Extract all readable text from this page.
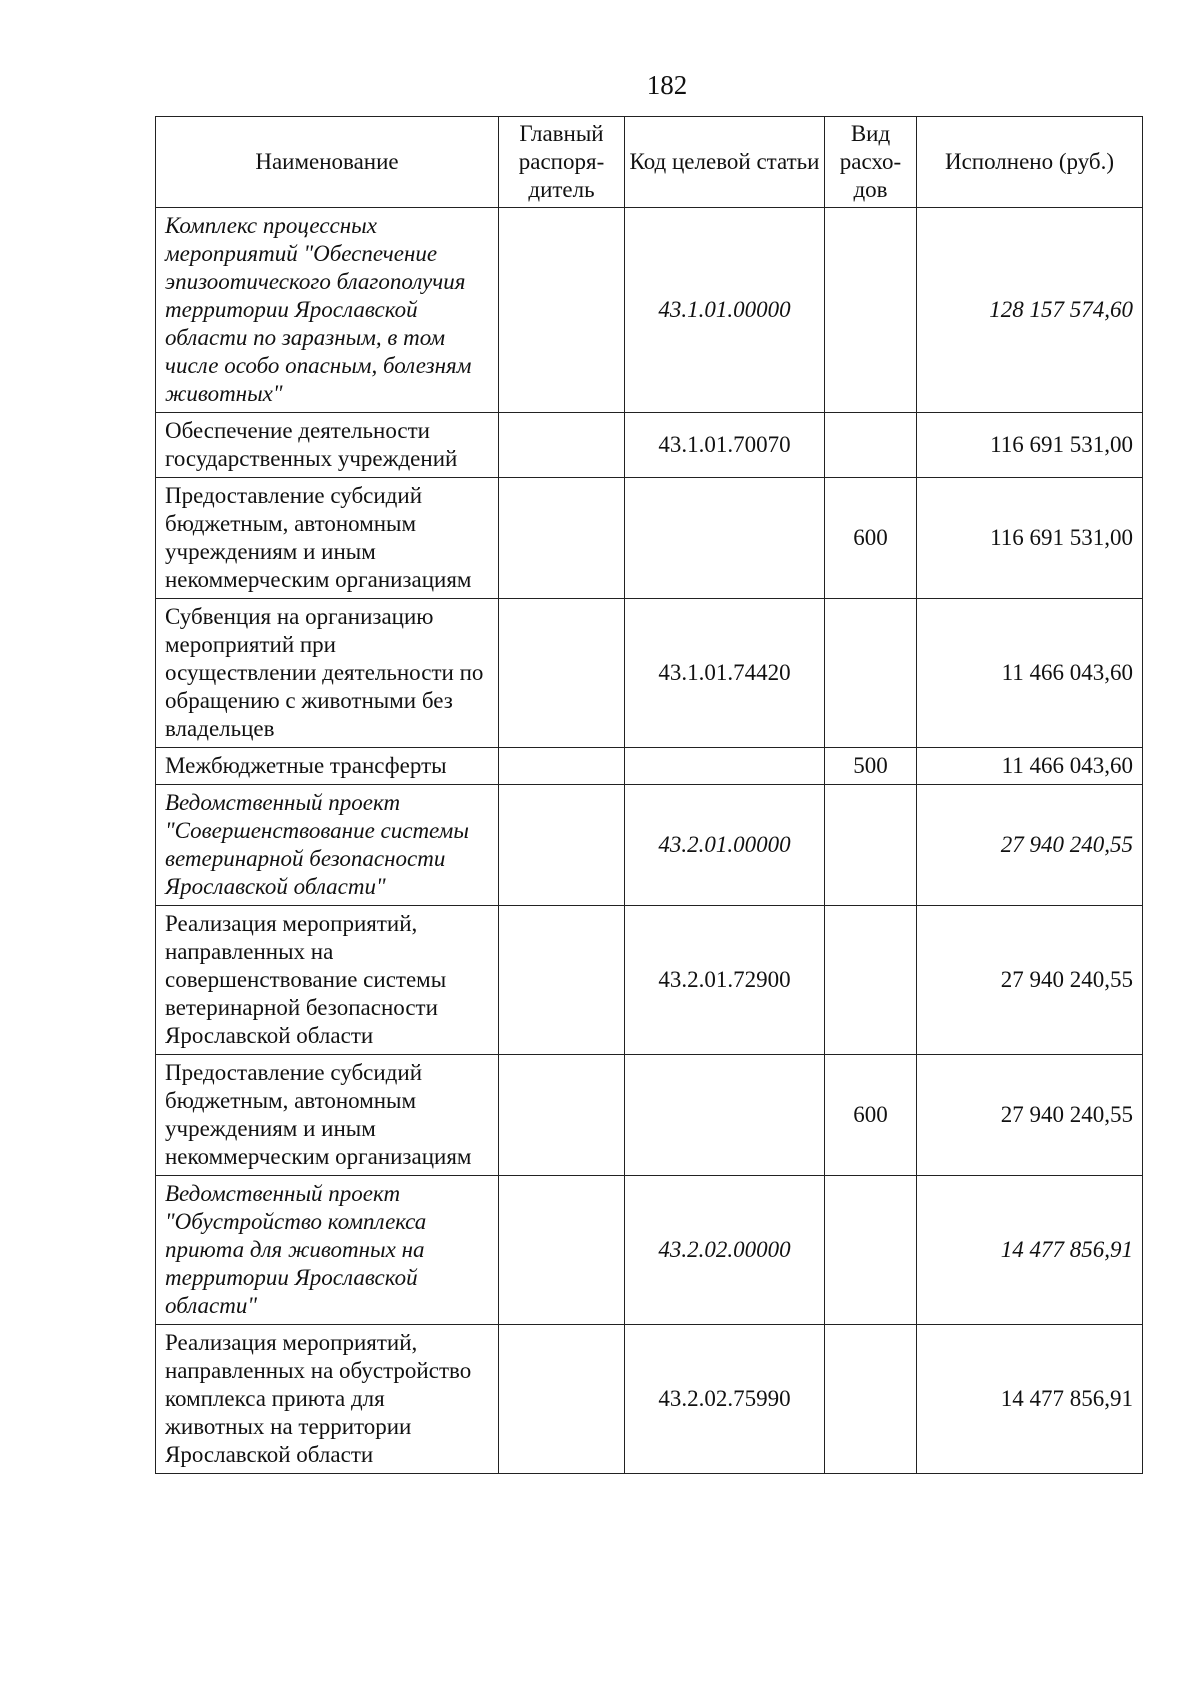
182
Наименование	Главный распоря- дитель	Код целевой статьи	Вид расхо- дов	Исполнено (руб.)
Комплекс процессных мероприятий "Обеспечение эпизоотического благополучия территории Ярославской области по заразным, в том числе особо опасным, болезням животных"		43.1.01.00000		128 157 574,60
Обеспечение деятельности государственных учреждений		43.1.01.70070		116 691 531,00
Предоставление субсидий бюджетным, автономным учреждениям и иным некоммерческим организациям			600	116 691 531,00
Субвенция на организацию мероприятий при осуществлении деятельности по обращению с животными без владельцев		43.1.01.74420		11 466 043,60
Межбюджетные трансферты			500	11 466 043,60
Ведомственный проект "Совершенствование системы ветеринарной безопасности Ярославской области"		43.2.01.00000		27 940 240,55
Реализация мероприятий, направленных на совершенствование системы ветеринарной безопасности Ярославской области		43.2.01.72900		27 940 240,55
Предоставление субсидий бюджетным, автономным учреждениям и иным некоммерческим организациям			600	27 940 240,55
Ведомственный проект "Обустройство комплекса приюта для животных на территории Ярославской области"		43.2.02.00000		14 477 856,91
Реализация мероприятий, направленных на обустройство комплекса приюта для животных на территории Ярославской области		43.2.02.75990		14 477 856,91
